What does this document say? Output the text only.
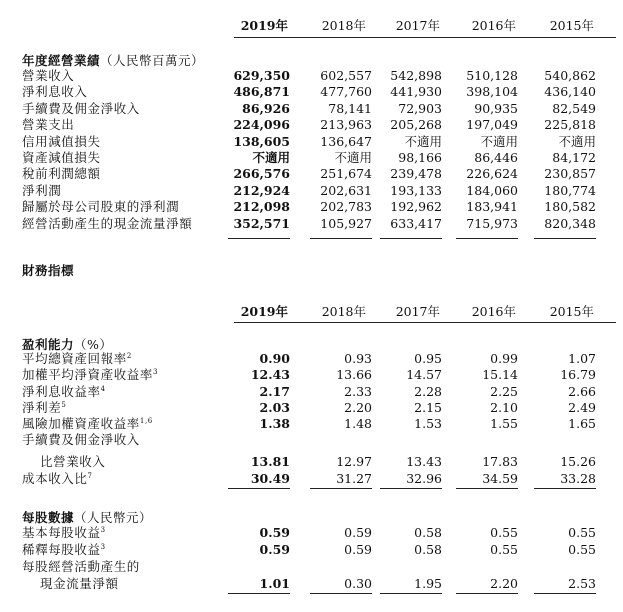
2019年	2018年	2017年	2016年	2015年
年度經營業績（人民幣百萬元）
營業收入	629,350	602,557	542,898	510,128	540,862
淨利息收入	486,871	477,760	441,930	398,104	436,140
手續費及佣金淨收入	86,926	78,141	72,903	90,935	82,549
營業支出	224,096	213,963	205,268	197,049	225,818
信用減值損失	138,605	136,647	不適用	不適用	不適用
資產減值損失	不適用	不適用	98,166	86,446	84,172
稅前利潤總額	266,576	251,674	239,478	226,624	230,857
淨利潤	212,924	202,631	193,133	184,060	180,774
歸屬於母公司股東的淨利潤	212,098	202,783	192,962	183,941	180,582
經營活動產生的現金流量淨額	352,571	105,927	633,417	715,973	820,348
財務指標
2019年	2018年	2017年	2016年	2015年
盈利能力（%）
平均總資產回報率$^2$	0.90	0.93	0.95	0.99	1.07
加權平均淨資產收益率$^3$	12.43	13.66	14.57	15.14	16.79
淨利息收益率$^4$	2.17	2.33	2.28	2.25	2.66
淨利差$^5$	2.03	2.20	2.15	2.10	2.49
風險加權資產收益率$^{1,6}$	1.38	1.48	1.53	1.55	1.65
手續費及佣金淨收入
比營業收入	13.81	12.97	13.43	17.83	15.26
成本收入比$^7$	30.49	31.27	32.96	34.59	33.28
每股數據（人民幣元）
基本每股收益$^3$	0.59	0.59	0.58	0.55	0.55
稀釋每股收益$^3$	0.59	0.59	0.58	0.55	0.55
每股經營活動產生的
現金流量淨額	1.01	0.30	1.95	2.20	2.53
